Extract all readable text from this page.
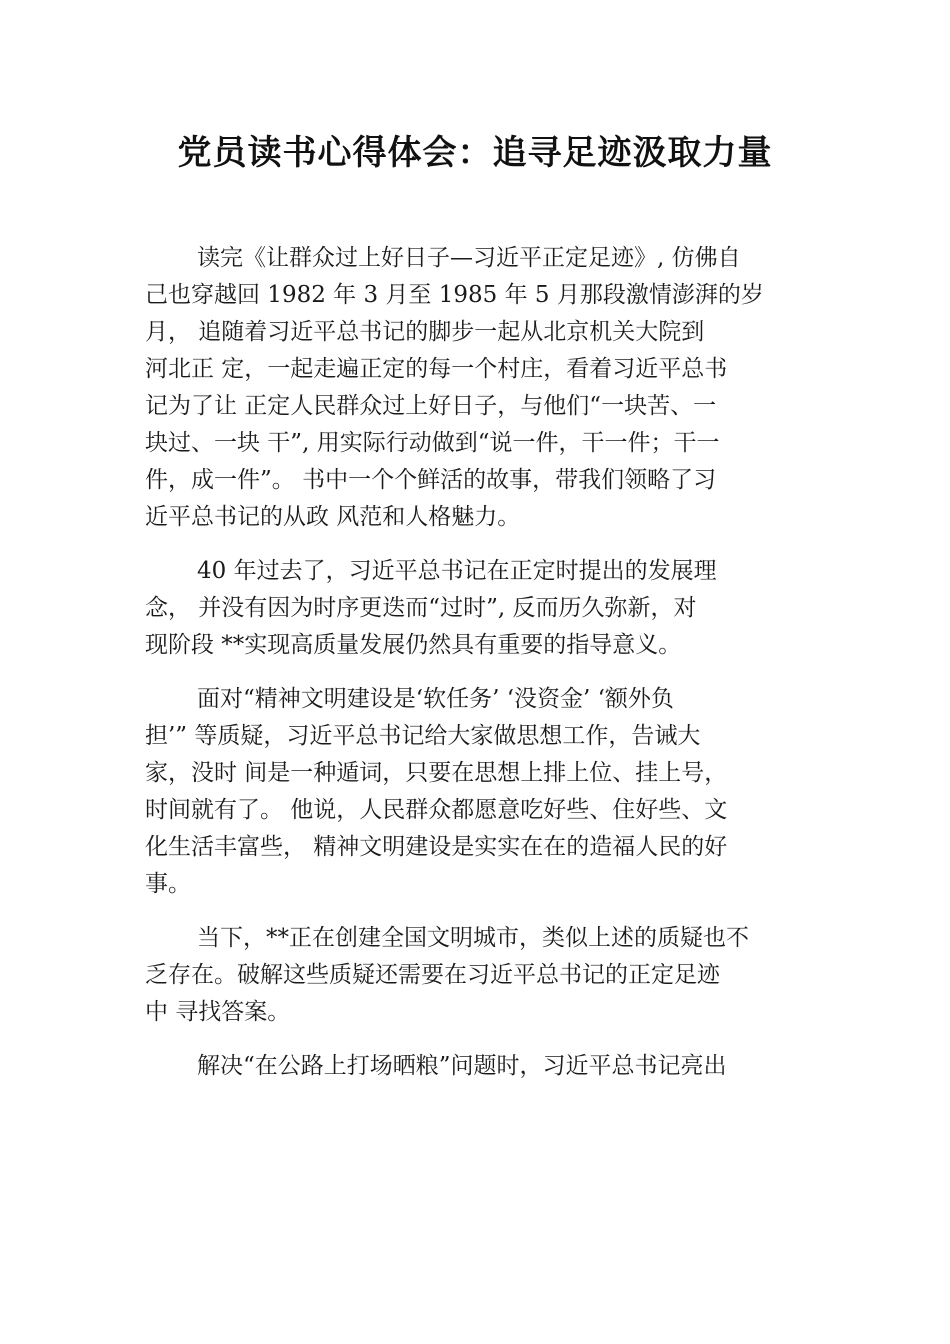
党员读书心得体会：追寻足迹汲取力量

读完《让群众过上好日子—习近平正定足迹》, 仿佛自
己也穿越回 1982 年 3 月至 1985 年 5 月那段激情澎湃的岁
月， 追随着习近平总书记的脚步一起从北京机关大院到
河北正 定，一起走遍正定的每一个村庄，看着习近平总书
记为了让 正定人民群众过上好日子，与他们“一块苦、一
块过、一块 干”, 用实际行动做到“说一件，干一件；干一
件，成一件”。 书中一个个鲜活的故事，带我们领略了习
近平总书记的从政 风范和人格魅力。

40 年过去了，习近平总书记在正定时提出的发展理
念， 并没有因为时序更迭而“过时”, 反而历久弥新，对
现阶段 **实现高质量发展仍然具有重要的指导意义。

面对“精神文明建设是‘软任务’ ‘没资金’ ‘额外负
担’” 等质疑，习近平总书记给大家做思想工作，告诫大
家，没时 间是一种遁词，只要在思想上排上位、挂上号，
时间就有了。 他说，人民群众都愿意吃好些、住好些、文
化生活丰富些， 精神文明建设是实实在在的造福人民的好
事。

当下，**正在创建全国文明城市，类似上述的质疑也不
乏存在。破解这些质疑还需要在习近平总书记的正定足迹
中 寻找答案。

解决“在公路上打场晒粮”问题时，习近平总书记亮出
